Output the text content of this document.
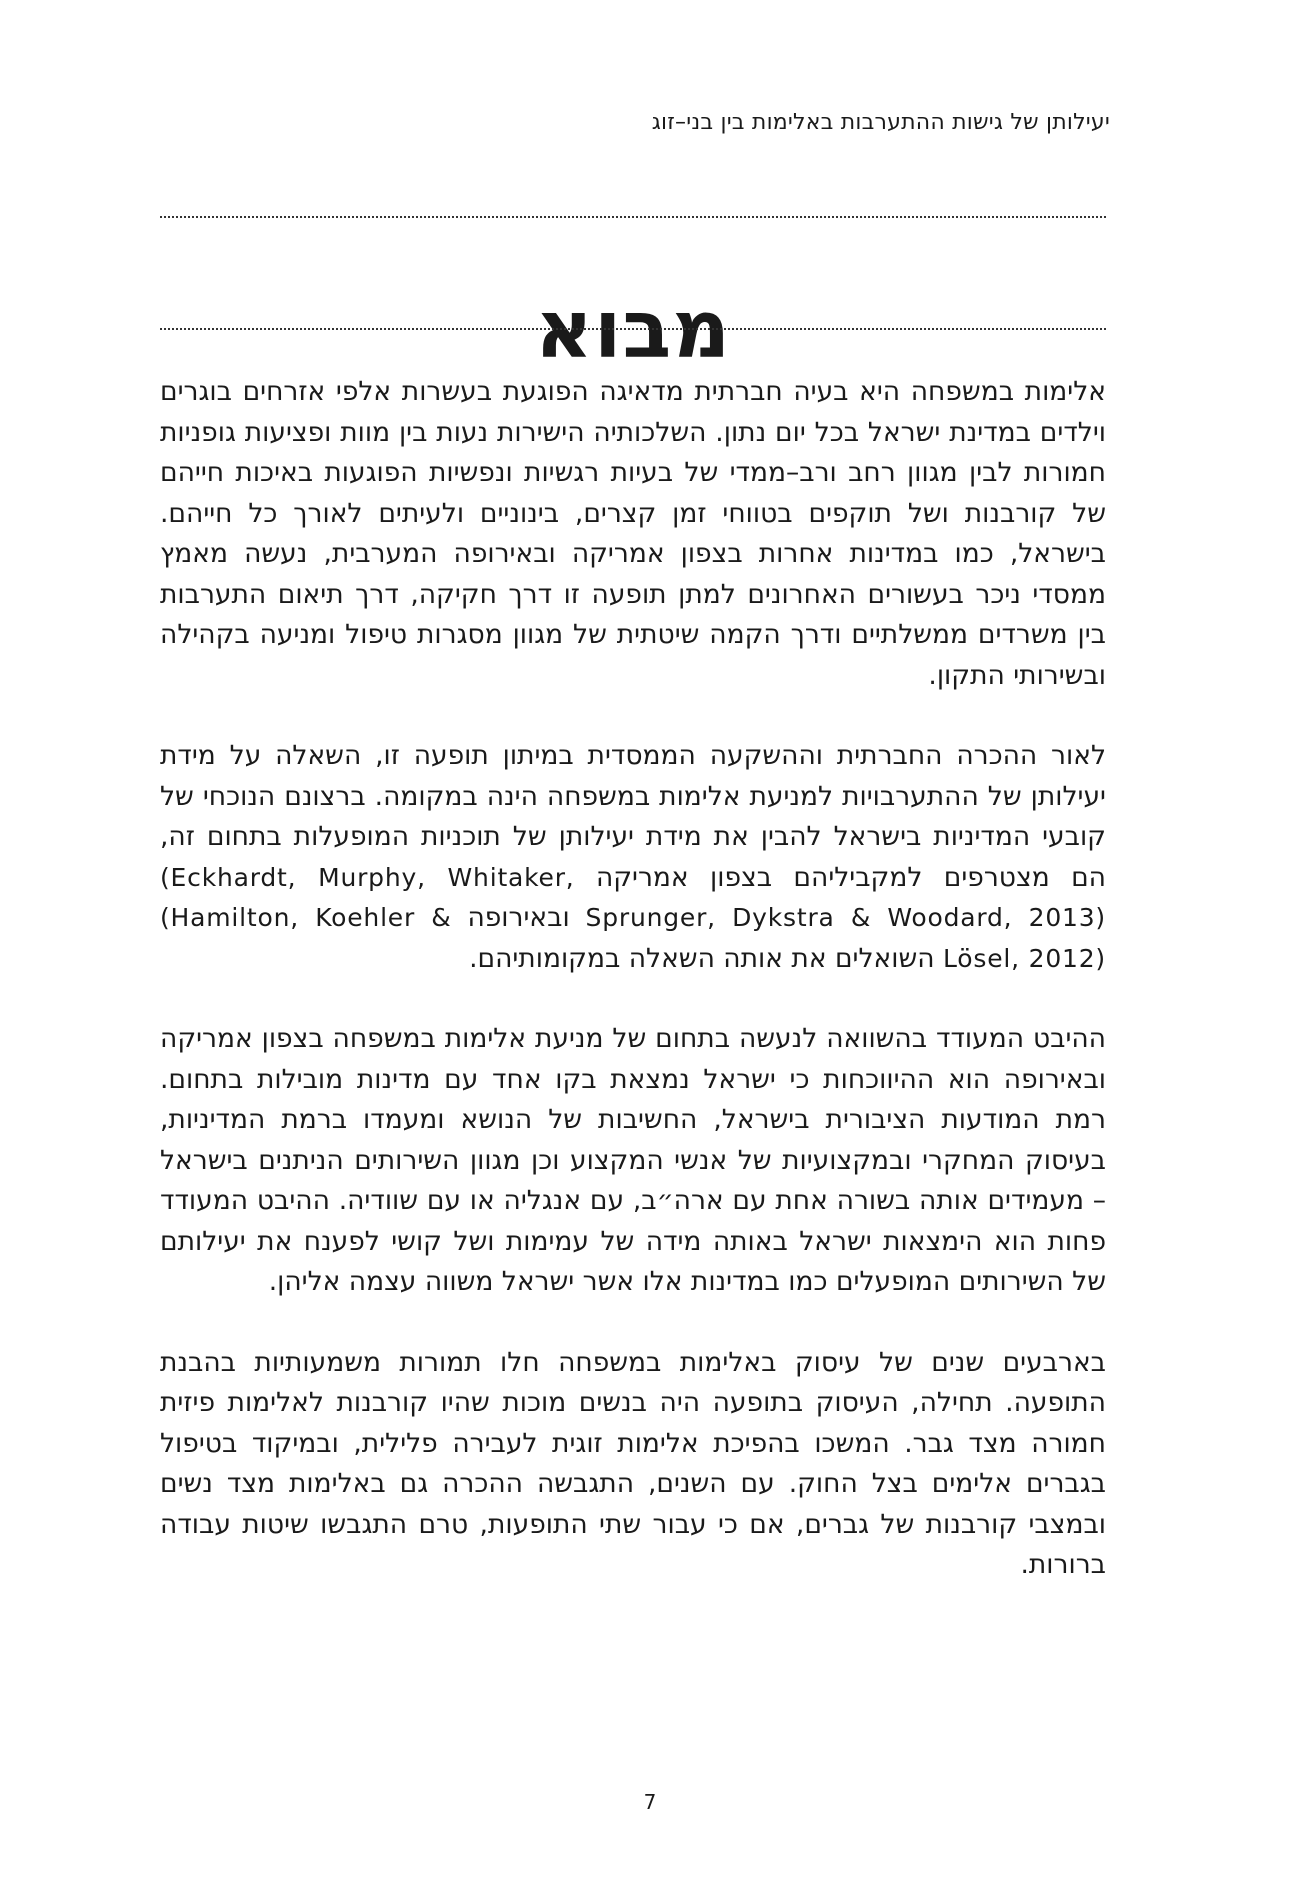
יעילותן של גישות ההתערבות באלימות בין בני–זוג
מבוא

אלימות במשפחה היא בעיה חברתית מדאיגה הפוגעת בעשרות אלפי אזרחים בוגרים וילדים במדינת ישראל בכל יום נתון. השלכותיה הישירות נעות בין מוות ופציעות גופניות חמורות לבין מגוון רחב ורב–ממדי של בעיות רגשיות ונפשיות הפוגעות באיכות חייהם של קורבנות ושל תוקפים בטווחי זמן קצרים, בינוניים ולעיתים לאורך כל חייהם. בישראל, כמו במדינות אחרות בצפון אמריקה ובאירופה המערבית, נעשה מאמץ ממסדי ניכר בעשורים האחרונים למתן תופעה זו דרך חקיקה, דרך תיאום התערבות בין משרדים ממשלתיים ודרך הקמה שיטתית של מגוון מסגרות טיפול ומניעה בקהילה ובשירותי התקון.

לאור ההכרה החברתית וההשקעה הממסדית במיתון תופעה זו, השאלה על מידת יעילותן של ההתערבויות למניעת אלימות במשפחה הינה במקומה. ברצונם הנוכחי של קובעי המדיניות בישראל להבין את מידת יעילותן של תוכניות המופעלות בתחום זה, הם מצטרפים למקביליהם בצפון אמריקה (Eckhardt, Murphy, Whitaker, Sprunger, Dykstra & Woodard, 2013) ובאירופה (Hamilton, Koehler & Lösel, 2012) השואלים את אותה השאלה במקומותיהם.

ההיבט המעודד בהשוואה לנעשה בתחום של מניעת אלימות במשפחה בצפון אמריקה ובאירופה הוא ההיווכחות כי ישראל נמצאת בקו אחד עם מדינות מובילות בתחום. רמת המודעות הציבורית בישראל, החשיבות של הנושא ומעמדו ברמת המדיניות, בעיסוק המחקרי ובמקצועיות של אנשי המקצוע וכן מגוון השירותים הניתנים בישראל – מעמידים אותה בשורה אחת עם ארה״ב, עם אנגליה או עם שוודיה. ההיבט המעודד פחות הוא הימצאות ישראל באותה מידה של עמימות ושל קושי לפענח את יעילותם של השירותים המופעלים כמו במדינות אלו אשר ישראל משווה עצמה אליהן.

בארבעים שנים של עיסוק באלימות במשפחה חלו תמורות משמעותיות בהבנת התופעה. תחילה, העיסוק בתופעה היה בנשים מוכות שהיו קורבנות לאלימות פיזית חמורה מצד גבר. המשכו בהפיכת אלימות זוגית לעבירה פלילית, ובמיקוד בטיפול בגברים אלימים בצל החוק. עם השנים, התגבשה ההכרה גם באלימות מצד נשים ובמצבי קורבנות של גברים, אם כי עבור שתי התופעות, טרם התגבשו שיטות עבודה ברורות.

7
